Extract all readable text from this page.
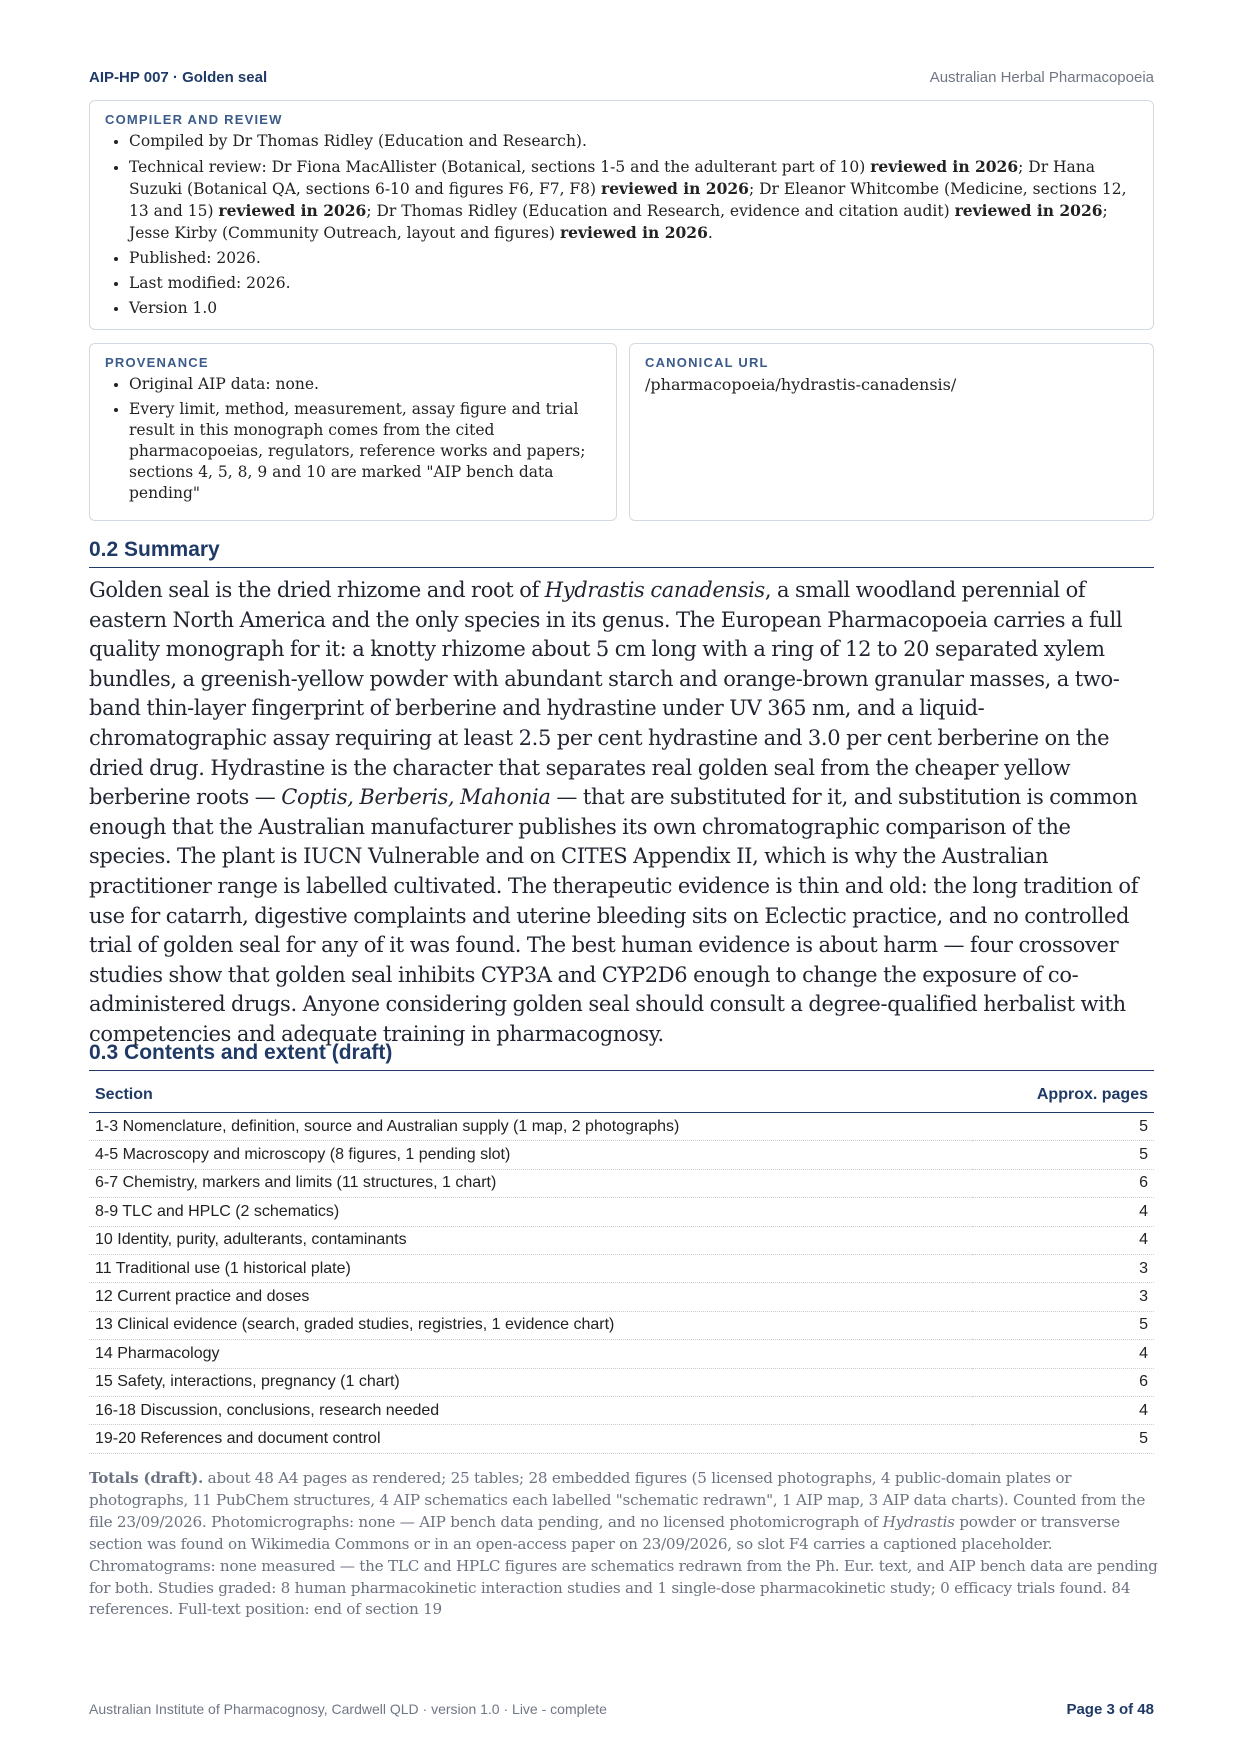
AIP-HP 007 · Golden seal	Australian Herbal Pharmacopoeia
COMPILER AND REVIEW
• Compiled by Dr Thomas Ridley (Education and Research).
• Technical review: Dr Fiona MacAllister (Botanical, sections 1-5 and the adulterant part of 10) reviewed in 2026; Dr Hana Suzuki (Botanical QA, sections 6-10 and figures F6, F7, F8) reviewed in 2026; Dr Eleanor Whitcombe (Medicine, sections 12, 13 and 15) reviewed in 2026; Dr Thomas Ridley (Education and Research, evidence and citation audit) reviewed in 2026; Jesse Kirby (Community Outreach, layout and figures) reviewed in 2026.
• Published: 2026.
• Last modified: 2026.
• Version 1.0
PROVENANCE
• Original AIP data: none.
• Every limit, method, measurement, assay figure and trial result in this monograph comes from the cited pharmacopoeias, regulators, reference works and papers; sections 4, 5, 8, 9 and 10 are marked "AIP bench data pending"
CANONICAL URL
/pharmacopoeia/hydrastis-canadensis/
0.2 Summary

Golden seal is the dried rhizome and root of Hydrastis canadensis, a small woodland perennial of eastern North America and the only species in its genus. The European Pharmacopoeia carries a full quality monograph for it: a knotty rhizome about 5 cm long with a ring of 12 to 20 separated xylem bundles, a greenish-yellow powder with abundant starch and orange-brown granular masses, a two-band thin-layer fingerprint of berberine and hydrastine under UV 365 nm, and a liquid-chromatographic assay requiring at least 2.5 per cent hydrastine and 3.0 per cent berberine on the dried drug. Hydrastine is the character that separates real golden seal from the cheaper yellow berberine roots — Coptis, Berberis, Mahonia — that are substituted for it, and substitution is common enough that the Australian manufacturer publishes its own chromatographic comparison of the species. The plant is IUCN Vulnerable and on CITES Appendix II, which is why the Australian practitioner range is labelled cultivated. The therapeutic evidence is thin and old: the long tradition of use for catarrh, digestive complaints and uterine bleeding sits on Eclectic practice, and no controlled trial of golden seal for any of it was found. The best human evidence is about harm — four crossover studies show that golden seal inhibits CYP3A and CYP2D6 enough to change the exposure of co-administered drugs. Anyone considering golden seal should consult a degree-qualified herbalist with competencies and adequate training in pharmacognosy.

0.3 Contents and extent (draft)
Section	Approx. pages
1-3 Nomenclature, definition, source and Australian supply (1 map, 2 photographs)	5
4-5 Macroscopy and microscopy (8 figures, 1 pending slot)	5
6-7 Chemistry, markers and limits (11 structures, 1 chart)	6
8-9 TLC and HPLC (2 schematics)	4
10 Identity, purity, adulterants, contaminants	4
11 Traditional use (1 historical plate)	3
12 Current practice and doses	3
13 Clinical evidence (search, graded studies, registries, 1 evidence chart)	5
14 Pharmacology	4
15 Safety, interactions, pregnancy (1 chart)	6
16-18 Discussion, conclusions, research needed	4
19-20 References and document control	5

Totals (draft). about 48 A4 pages as rendered; 25 tables; 28 embedded figures (5 licensed photographs, 4 public-domain plates or photographs, 11 PubChem structures, 4 AIP schematics each labelled "schematic redrawn", 1 AIP map, 3 AIP data charts). Counted from the file 23/09/2026. Photomicrographs: none — AIP bench data pending, and no licensed photomicrograph of Hydrastis powder or transverse section was found on Wikimedia Commons or in an open-access paper on 23/09/2026, so slot F4 carries a captioned placeholder. Chromatograms: none measured — the TLC and HPLC figures are schematics redrawn from the Ph. Eur. text, and AIP bench data are pending for both. Studies graded: 8 human pharmacokinetic interaction studies and 1 single-dose pharmacokinetic study; 0 efficacy trials found. 84 references. Full-text position: end of section 19

Australian Institute of Pharmacognosy, Cardwell QLD · version 1.0 · Live - complete	Page 3 of 48
